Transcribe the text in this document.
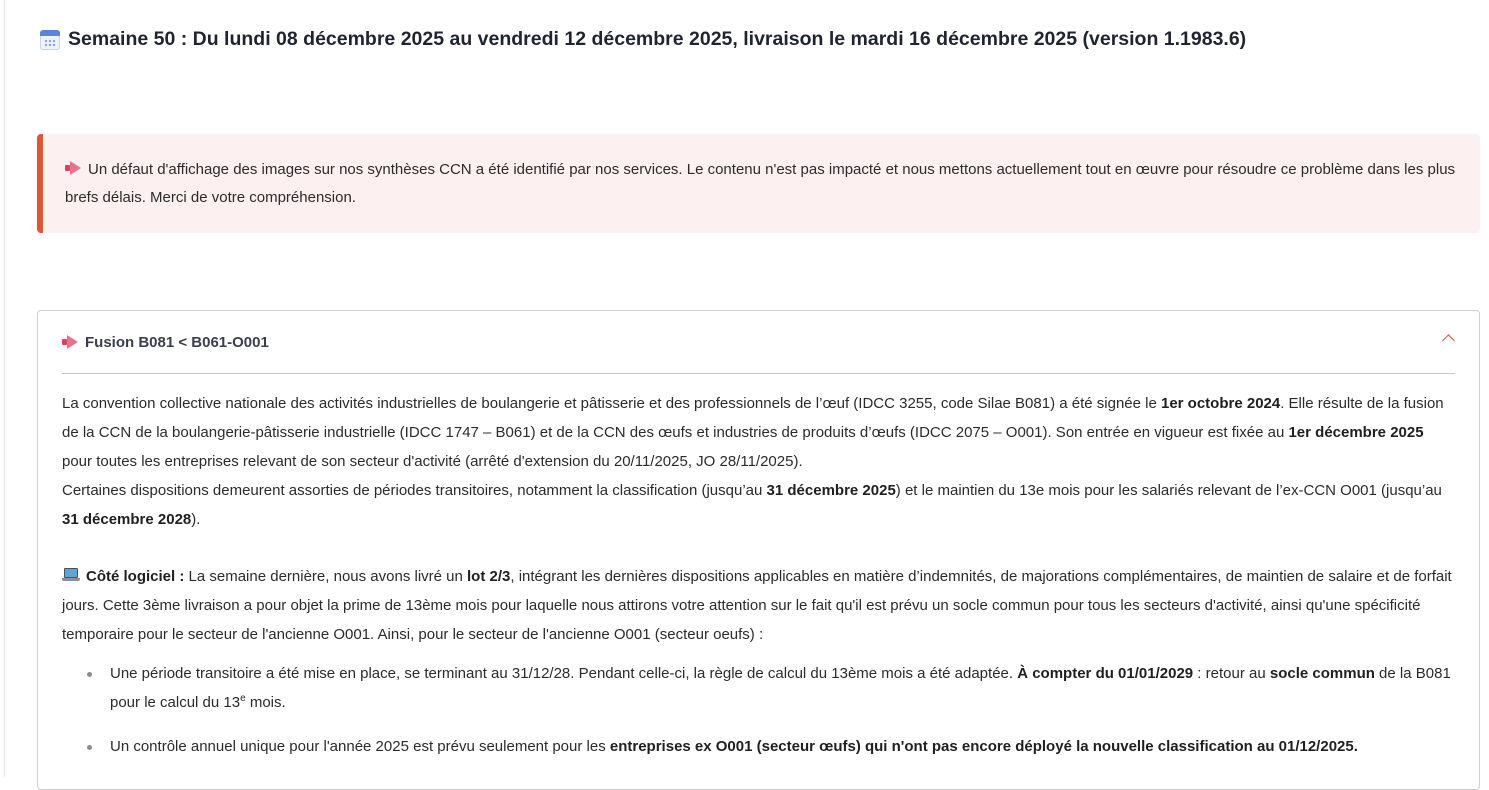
Semaine 50 : Du lundi 08 décembre 2025 au vendredi 12 décembre 2025, livraison le mardi 16 décembre 2025 (version 1.1983.6)
Un défaut d'affichage des images sur nos synthèses CCN a été identifié par nos services. Le contenu n'est pas impacté et nous mettons actuellement tout en œuvre pour résoudre ce problème dans les plus brefs délais. Merci de votre compréhension.
Fusion B081 < B061-O001

La convention collective nationale des activités industrielles de boulangerie et pâtisserie et des professionnels de l’œuf (IDCC 3255, code Silae B081) a été signée le 1er octobre 2024. Elle résulte de la fusion de la CCN de la boulangerie-pâtisserie industrielle (IDCC 1747 – B061) et de la CCN des œufs et industries de produits d’œufs (IDCC 2075 – O001). Son entrée en vigueur est fixée au 1er décembre 2025 pour toutes les entreprises relevant de son secteur d'activité (arrêté d'extension du 20/11/2025, JO 28/11/2025).

Certaines dispositions demeurent assorties de périodes transitoires, notamment la classification (jusqu’au 31 décembre 2025) et le maintien du 13e mois pour les salariés relevant de l’ex-CCN O001 (jusqu’au 31 décembre 2028).

Côté logiciel : La semaine dernière, nous avons livré un lot 2/3, intégrant les dernières dispositions applicables en matière d’indemnités, de majorations complémentaires, de maintien de salaire et de forfait jours. Cette 3ème livraison a pour objet la prime de 13ème mois pour laquelle nous attirons votre attention sur le fait qu'il est prévu un socle commun pour tous les secteurs d'activité, ainsi qu'une spécificité temporaire pour le secteur de l'ancienne O001. Ainsi, pour le secteur de l'ancienne O001 (secteur oeufs) :

Une période transitoire a été mise en place, se terminant au 31/12/28. Pendant celle-ci, la règle de calcul du 13ème mois a été adaptée. À compter du 01/01/2029 : retour au socle commun de la B081 pour le calcul du 13e mois.
Un contrôle annuel unique pour l'année 2025 est prévu seulement pour les entreprises ex O001 (secteur œufs) qui n'ont pas encore déployé la nouvelle classification au 01/12/2025.
